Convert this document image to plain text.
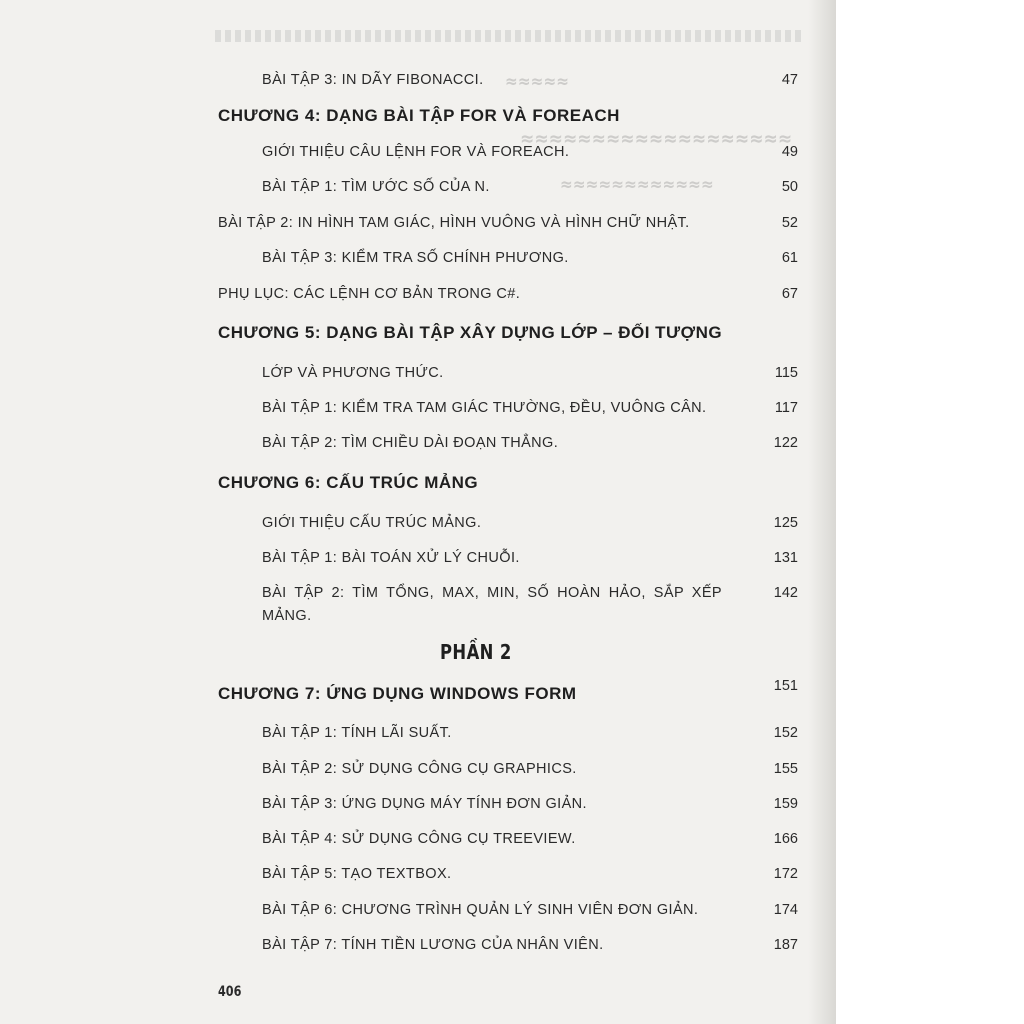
≈≈≈≈≈
≈≈≈≈≈≈≈≈≈≈≈≈≈≈≈≈≈≈≈
≈≈≈≈≈≈≈≈≈≈≈≈
BÀI TẬP 3: IN DÃY FIBONACCI.	47
CHƯƠNG 4: DẠNG BÀI TẬP FOR VÀ FOREACH
GIỚI THIỆU CÂU LỆNH FOR VÀ FOREACH.	49
BÀI TẬP 1: TÌM ƯỚC SỐ CỦA N.	50
BÀI TẬP 2: IN HÌNH TAM GIÁC, HÌNH VUÔNG VÀ HÌNH CHỮ NHẬT.	52
BÀI TẬP 3: KIỂM TRA SỐ CHÍNH PHƯƠNG.	61
PHỤ LỤC: CÁC LỆNH CƠ BẢN TRONG C#.	67
CHƯƠNG 5: DẠNG BÀI TẬP XÂY DỰNG LỚP – ĐỐI TƯỢNG
LỚP VÀ PHƯƠNG THỨC.	115
BÀI TẬP 1: KIỂM TRA TAM GIÁC THƯỜNG, ĐỀU, VUÔNG CÂN.	117
BÀI TẬP 2: TÌM CHIỀU DÀI ĐOẠN THẲNG.	122
CHƯƠNG 6: CẤU TRÚC MẢNG
GIỚI THIỆU CẤU TRÚC MẢNG.	125
BÀI TẬP 1: BÀI TOÁN XỬ LÝ CHUỖI.	131
BÀI TẬP 2: TÌM TỔNG, MAX, MIN, SỐ HOÀN HẢO, SẮP XẾP MẢNG.
142
PHẦN 2
CHƯƠNG 7: ỨNG DỤNG WINDOWS FORM	151
BÀI TẬP 1: TÍNH LÃI SUẤT.	152
BÀI TẬP 2: SỬ DỤNG CÔNG CỤ GRAPHICS.	155
BÀI TẬP 3: ỨNG DỤNG MÁY TÍNH ĐƠN GIẢN.	159
BÀI TẬP 4: SỬ DỤNG CÔNG CỤ TREEVIEW.	166
BÀI TẬP 5: TẠO TEXTBOX.	172
BÀI TẬP 6: CHƯƠNG TRÌNH QUẢN LÝ SINH VIÊN ĐƠN GIẢN.	174
BÀI TẬP 7: TÍNH TIỀN LƯƠNG CỦA NHÂN VIÊN.	187
406
